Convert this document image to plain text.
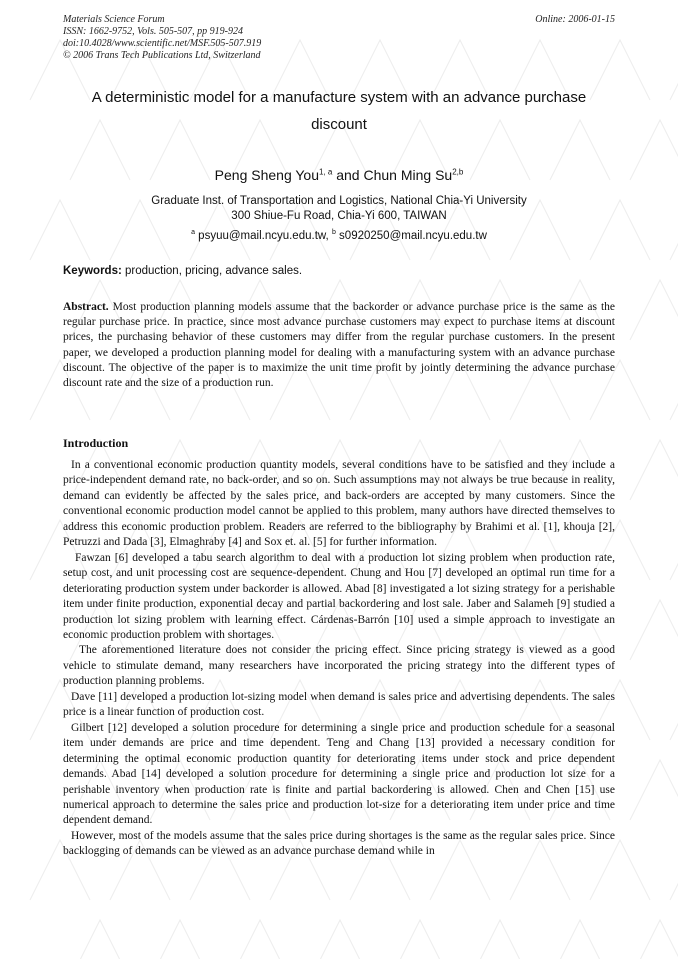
Materials Science Forum
ISSN: 1662-9752, Vols. 505-507, pp 919-924
doi:10.4028/www.scientific.net/MSF.505-507.919
© 2006 Trans Tech Publications Ltd, Switzerland
Online: 2006-01-15
A deterministic model for a manufacture system with an advance purchase discount
Peng Sheng You$^{1, a}$ and Chun Ming Su$^{2,b}$
Graduate Inst. of Transportation and Logistics, National Chia-Yi University
300 Shiue-Fu Road, Chia-Yi 600, TAIWAN
$^a$ psyuu@mail.ncyu.edu.tw, $^b$ s0920250@mail.ncyu.edu.tw
Keywords: production, pricing, advance sales.
Abstract. Most production planning models assume that the backorder or advance purchase price is the same as the regular purchase price. In practice, since most advance purchase customers may expect to purchase items at discount prices, the purchasing behavior of these customers may differ from the regular purchase customers. In the present paper, we developed a production planning model for dealing with a manufacturing system with an advance purchase discount. The objective of the paper is to maximize the unit time profit by jointly determining the advance purchase discount rate and the size of a production run.
Introduction

In a conventional economic production quantity models, several conditions have to be satisfied and they include a price-independent demand rate, no back-order, and so on. Such assumptions may not always be true because in reality, demand can evidently be affected by the sales price, and back-orders are accepted by many customers. Since the conventional economic production model cannot be applied to this problem, many authors have directed themselves to address this economic production problem. Readers are referred to the bibliography by Brahimi et al. [1], khouja [2], Petruzzi and Dada [3], Elmaghraby [4] and Sox et. al. [5] for further information.

Fawzan [6] developed a tabu search algorithm to deal with a production lot sizing problem when production rate, setup cost, and unit processing cost are sequence-dependent. Chung and Hou [7] developed an optimal run time for a deteriorating production system under backorder is allowed. Abad [8] investigated a lot sizing strategy for a perishable item under finite production, exponential decay and partial backordering and lost sale. Jaber and Salameh [9] studied a production lot sizing problem with learning effect. Cárdenas-Barrón [10] used a simple approach to investigate an economic production problem with shortages.

The aforementioned literature does not consider the pricing effect. Since pricing strategy is viewed as a good vehicle to stimulate demand, many researchers have incorporated the pricing strategy into the different types of production planning problems.

Dave [11] developed a production lot-sizing model when demand is sales price and advertising dependents. The sales price is a linear function of production cost.

Gilbert [12] developed a solution procedure for determining a single price and production schedule for a seasonal item under demands are price and time dependent. Teng and Chang [13] provided a necessary condition for determining the optimal economic production quantity for deteriorating items under stock and price dependent demands. Abad [14] developed a solution procedure for determining a single price and production lot size for a perishable inventory when production rate is finite and partial backordering is allowed. Chen and Chen [15] use numerical approach to determine the sales price and production lot-size for a deteriorating item under price and time dependent demand.

However, most of the models assume that the sales price during shortages is the same as the regular sales price. Since backlogging of demands can be viewed as an advance purchase demand while in
